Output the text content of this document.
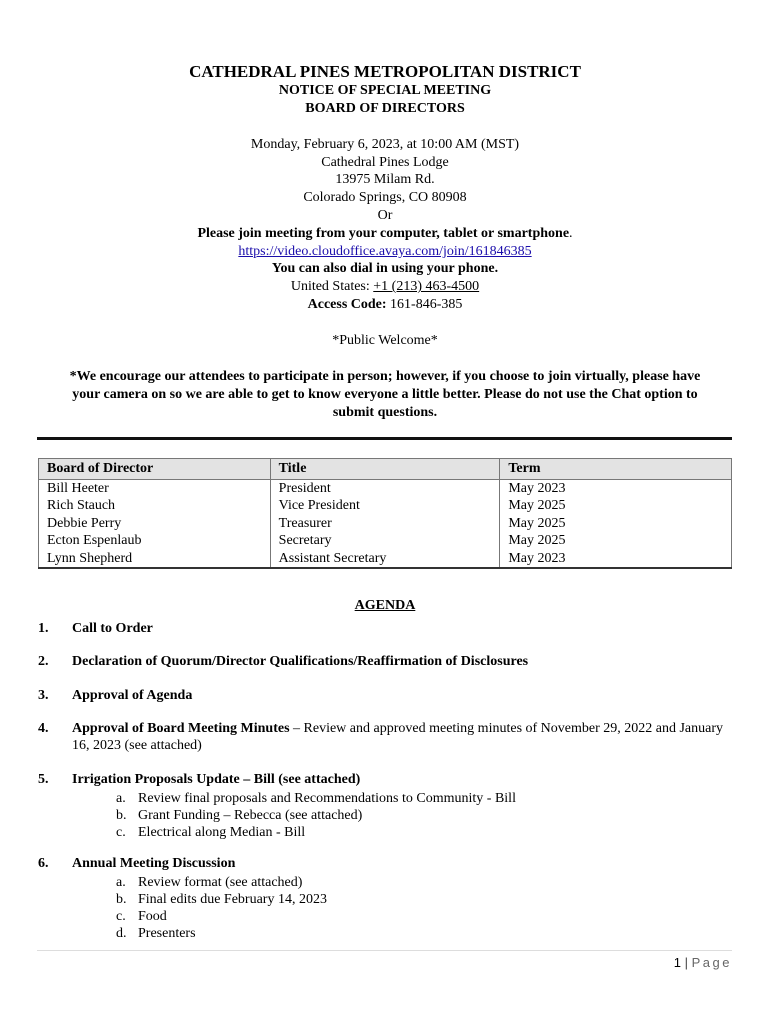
CATHEDRAL PINES METROPOLITAN DISTRICT
NOTICE OF SPECIAL MEETING
BOARD OF DIRECTORS
Monday, February 6, 2023, at 10:00 AM (MST)
Cathedral Pines Lodge
13975 Milam Rd.
Colorado Springs, CO 80908
Or
Please join meeting from your computer, tablet or smartphone.
https://video.cloudoffice.avaya.com/join/161846385
You can also dial in using your phone.
United States: +1 (213) 463-4500
Access Code: 161-846-385
*Public Welcome*
*We encourage our attendees to participate in person; however, if you choose to join virtually, please have
your camera on so we are able to get to know everyone a little better. Please do not use the Chat option to
submit questions.
Board of Director	Title	Term
Bill Heeter	President	May 2023
Rich Stauch	Vice President	May 2025
Debbie Perry	Treasurer	May 2025
Ecton Espenlaub	Secretary	May 2025
Lynn Shepherd	Assistant Secretary	May 2023
AGENDA
1. Call to Order
2. Declaration of Quorum/Director Qualifications/Reaffirmation of Disclosures
3. Approval of Agenda
4. Approval of Board Meeting Minutes – Review and approved meeting minutes of November 29, 2022 and January 16, 2023 (see attached)
5. Irrigation Proposals Update – Bill (see attached)
a. Review final proposals and Recommendations to Community - Bill
b. Grant Funding – Rebecca (see attached)
c. Electrical along Median - Bill
6. Annual Meeting Discussion
a. Review format (see attached)
b. Final edits due February 14, 2023
c. Food
d. Presenters
1 | Page
